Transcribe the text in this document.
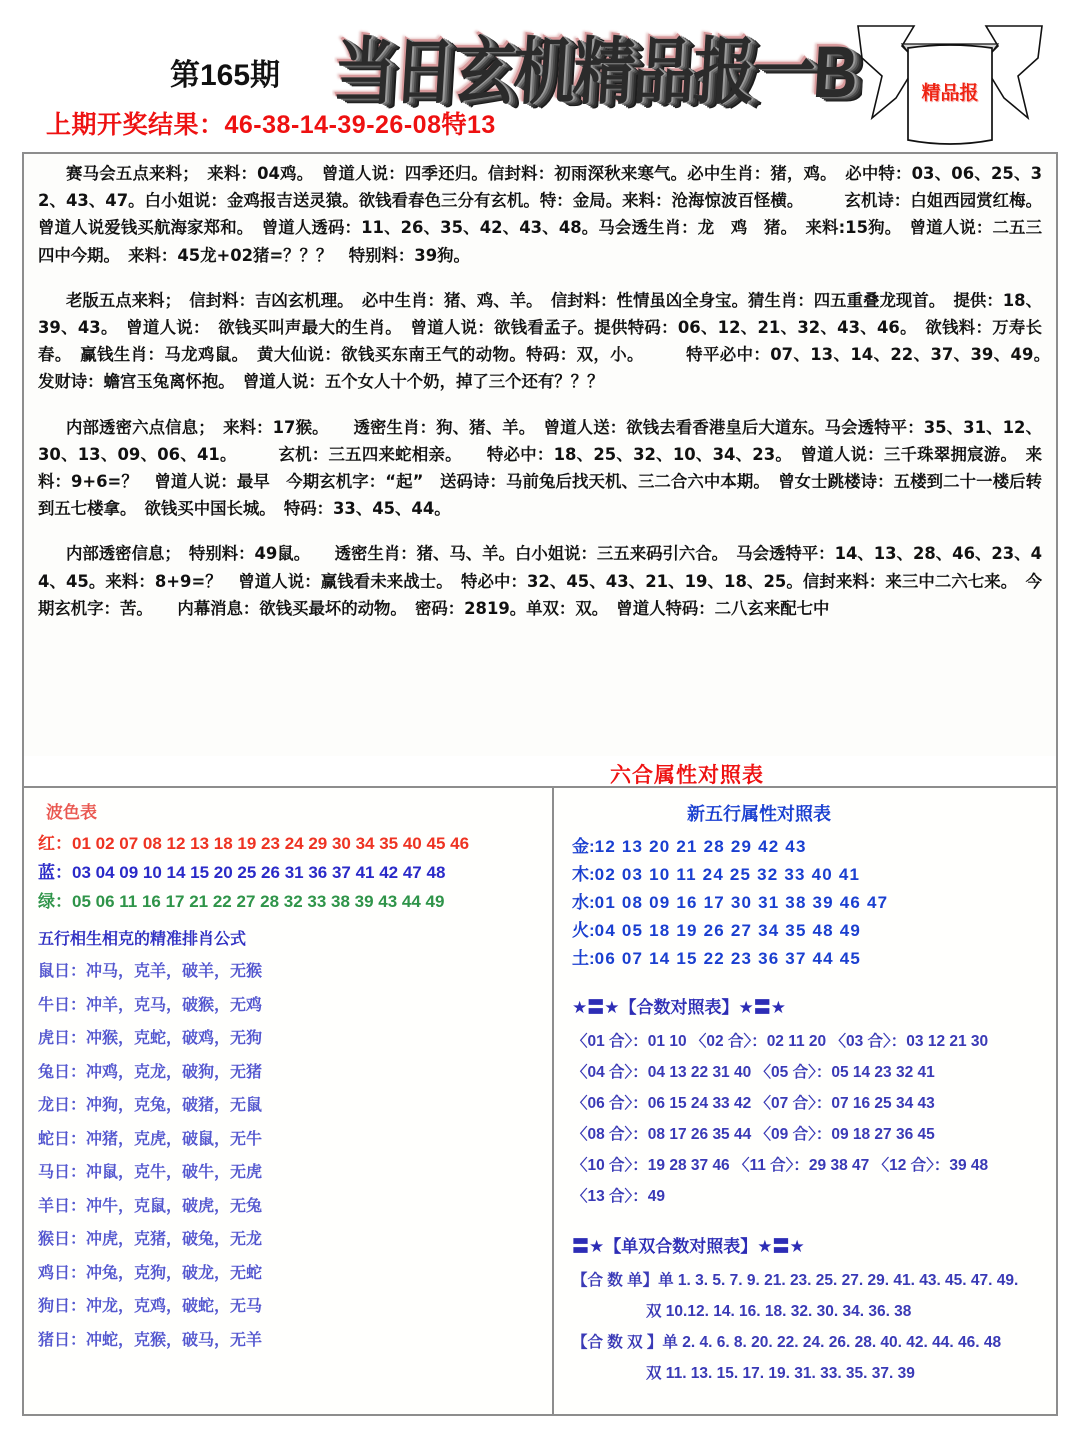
第165期
上期开奖结果：46-38-14-39-26-08特13
当日玄机精品报一B	精品报

赛马会五点来料；　来料：04鸡。　曾道人说：四季还归。信封料：初雨深秋来寒气。必中生肖：猪，鸡。　必中特：03、06、25、32、43、47。白小姐说：金鸡报吉送灵猿。欲钱看春色三分有玄机。特：金局。来料：沧海惊波百怪横。　　　玄机诗：白姐西园赏红梅。曾道人说爱钱买航海家郑和。　曾道人透码：11、26、35、42、43、48。马会透生肖：龙　鸡　猪。　来料:15狗。　曾道人说：二五三四中今期。　来料：45龙+02猪=？？？　特别料：39狗。

老版五点来料；　信封料：吉凶玄机理。　必中生肖：猪、鸡、羊。　信封料：性情虽凶全身宝。猜生肖：四五重叠龙现首。　提供：18、39、43。　曾道人说：　欲钱买叫声最大的生肖。　曾道人说：欲钱看孟子。提供特码：06、12、21、32、43、46。　欲钱料：万寿长春。　赢钱生肖：马龙鸡鼠。　黄大仙说：欲钱买东南王气的动物。特码：双，小。　　　特平必中：07、13、14、22、37、39、49。　发财诗：蟾宫玉兔离怀抱。　曾道人说：五个女人十个奶，掉了三个还有？？？

内部透密六点信息；　来料：17猴。　　透密生肖：狗、猪、羊。　曾道人送：欲钱去看香港皇后大道东。马会透特平：35、31、12、30、13、09、06、41。　　　玄机：三五四来蛇相亲。　　特必中：18、25、32、10、34、23。　曾道人说：三千珠翠拥宸游。　来料：9+6=？　曾道人说：最早　今期玄机字：“起”　送码诗：马前兔后找天机、三二合六中本期。　曾女士跳楼诗：五楼到二十一楼后转到五七楼拿。　欲钱买中国长城。　特码：33、45、44。

内部透密信息；　特别料：49鼠。　　透密生肖：猪、马、羊。白小姐说：三五来码引六合。　马会透特平：14、13、28、46、23、44、45。来料：8+9=？　曾道人说：赢钱看未来战士。　特必中：32、45、43、21、19、18、25。信封来料：来三中二六七来。　今期玄机字：苦。　　内幕消息：欲钱买最坏的动物。　密码：2819。单双：双。　曾道人特码：二八玄来配七中

六合属性对照表
波色表
红：01 02 07 08 12 13 18 19 23 24 29 30 34 35 40 45 46
蓝：03 04 09 10 14 15 20 25 26 31 36 37 41 42 47 48
绿：05 06 11 16 17 21 22 27 28 32 33 38 39 43 44 49
五行相生相克的精准排肖公式
鼠日：冲马，克羊，破羊，无猴
牛日：冲羊，克马，破猴，无鸡
虎日：冲猴，克蛇，破鸡，无狗
兔日：冲鸡，克龙，破狗，无猪
龙日：冲狗，克兔，破猪，无鼠
蛇日：冲猪，克虎，破鼠，无牛
马日：冲鼠，克牛，破牛，无虎
羊日：冲牛，克鼠，破虎，无兔
猴日：冲虎，克猪，破兔，无龙
鸡日：冲兔，克狗，破龙，无蛇
狗日：冲龙，克鸡，破蛇，无马
猪日：冲蛇，克猴，破马，无羊
新五行属性对照表
金:12 13 20 21 28 29 42 43
木:02 03 10 11 24 25 32 33 40 41
水:01 08 09 16 17 30 31 38 39 46 47
火:04 05 18 19 26 27 34 35 48 49
土:06 07 14 15 22 23 36 37 44 45
★〓★【合数对照表】★〓★
〈01 合〉：01 10 〈02 合〉：02 11 20 〈03 合〉：03 12 21 30
〈04 合〉：04 13 22 31 40 〈05 合〉：05 14 23 32 41
〈06 合〉：06 15 24 33 42 〈07 合〉：07 16 25 34 43
〈08 合〉：08 17 26 35 44 〈09 合〉：09 18 27 36 45
〈10 合〉：19 28 37 46 〈11 合〉：29 38 47 〈12 合〉：39 48
〈13 合〉：49
〓★【单双合数对照表】★〓★
【合 数 单】单 1. 3. 5. 7. 9. 21. 23. 25. 27. 29. 41. 43. 45. 47. 49.
双 10.12. 14. 16. 18. 32. 30. 34. 36. 38
【合 数 双 】单 2. 4. 6. 8. 20. 22. 24. 26. 28. 40. 42. 44. 46. 48
双 11. 13. 15. 17. 19. 31. 33. 35. 37. 39
